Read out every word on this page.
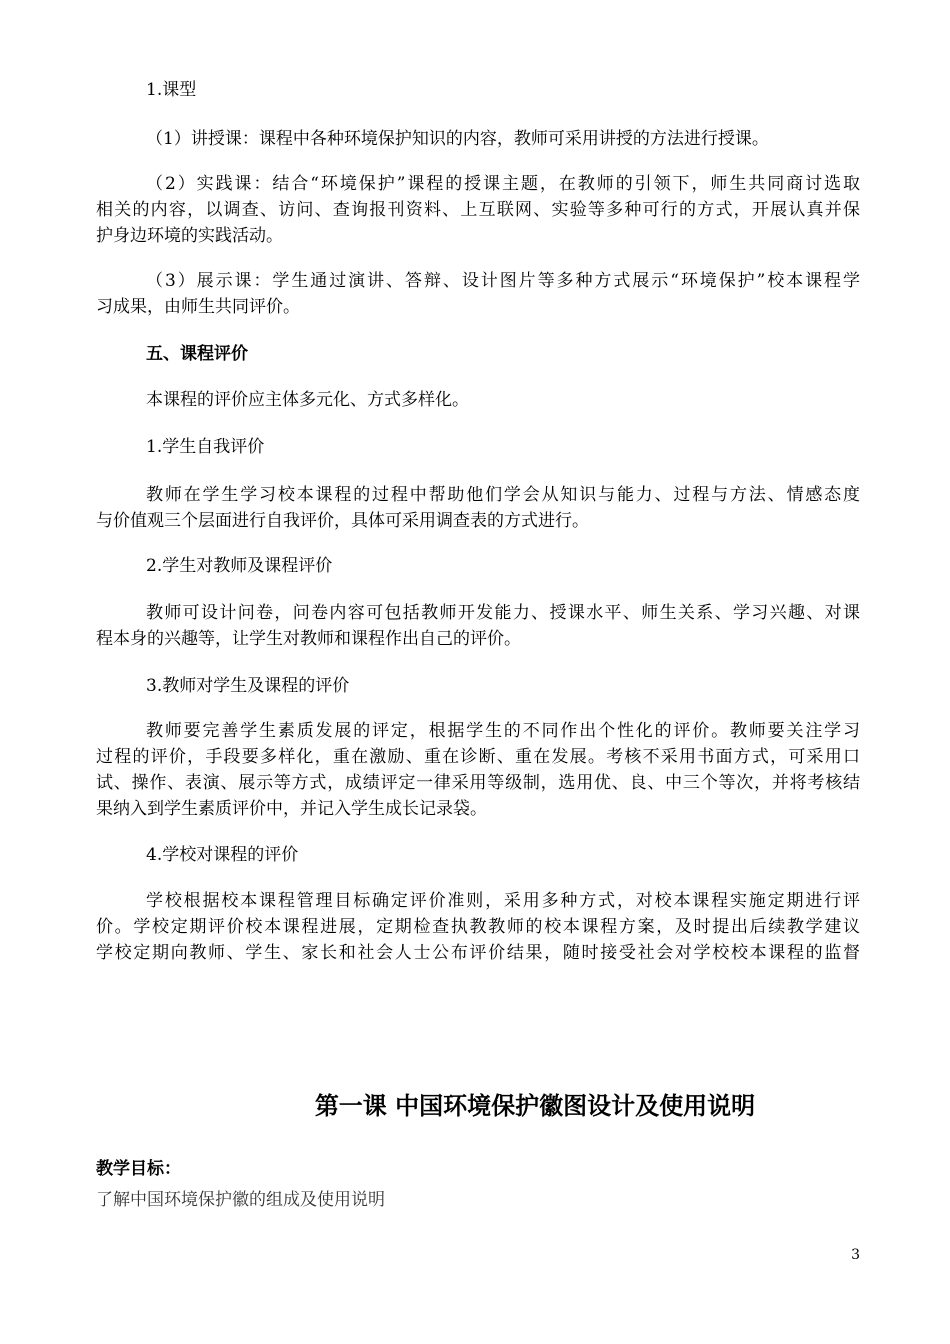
1.课型
（1）讲授课：课程中各种环境保护知识的内容，教师可采用讲授的方法进行授课。
（2）实践课：结合“环境保护”课程的授课主题，在教师的引领下，师生共同商讨选取
相关的内容，以调查、访问、查询报刊资料、上互联网、实验等多种可行的方式，开展认真并保
护身边环境的实践活动。
（3）展示课：学生通过演讲、答辩、设计图片等多种方式展示“环境保护”校本课程学
习成果，由师生共同评价。
五、课程评价
本课程的评价应主体多元化、方式多样化。
1.学生自我评价
教师在学生学习校本课程的过程中帮助他们学会从知识与能力、过程与方法、情感态度
与价值观三个层面进行自我评价，具体可采用调查表的方式进行。
2.学生对教师及课程评价
教师可设计问卷，问卷内容可包括教师开发能力、授课水平、师生关系、学习兴趣、对课
程本身的兴趣等，让学生对教师和课程作出自己的评价。
3.教师对学生及课程的评价
教师要完善学生素质发展的评定，根据学生的不同作出个性化的评价。教师要关注学习
过程的评价，手段要多样化，重在激励、重在诊断、重在发展。考核不采用书面方式，可采用口
试、操作、表演、展示等方式，成绩评定一律采用等级制，选用优、良、中三个等次，并将考核结
果纳入到学生素质评价中，并记入学生成长记录袋。
4.学校对课程的评价
学校根据校本课程管理目标确定评价准则，采用多种方式，对校本课程实施定期进行评
价。学校定期评价校本课程进展，定期检查执教教师的校本课程方案，及时提出后续教学建议
学校定期向教师、学生、家长和社会人士公布评价结果，随时接受社会对学校校本课程的监督
第一课 中国环境保护徽图设计及使用说明
教学目标：
了解中国环境保护徽的组成及使用说明
3
